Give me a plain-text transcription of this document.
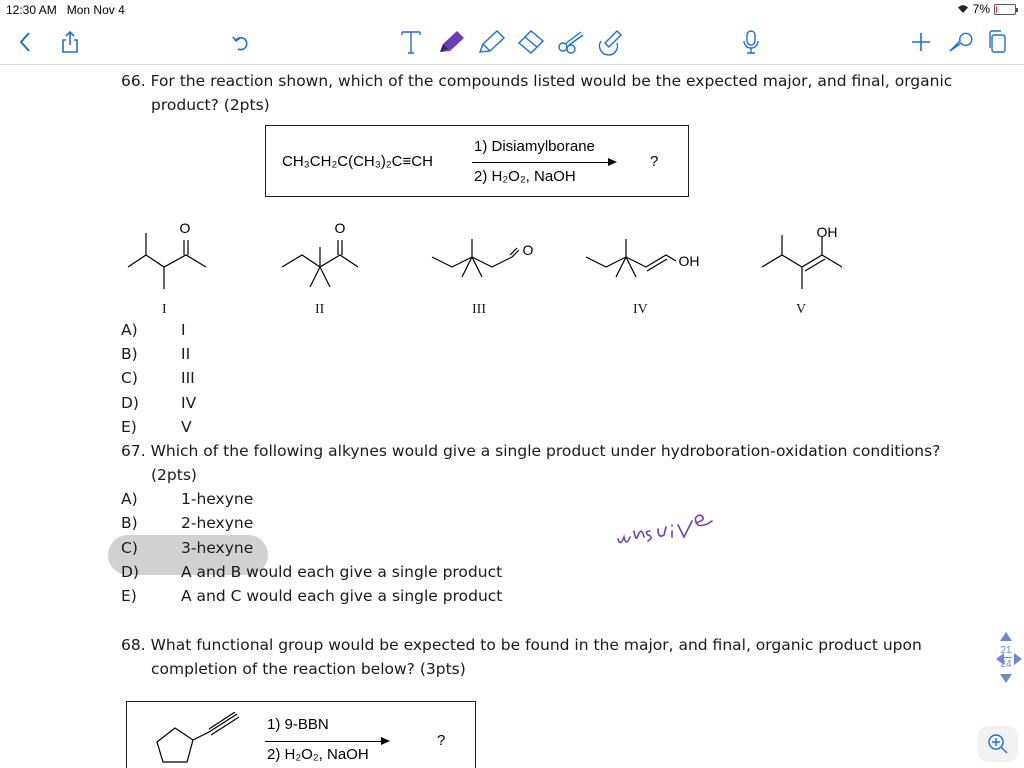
12:30 AM Mon Nov 4	7%
66. For the reaction shown, which of the compounds listed would be the expected major, and final, organic
product? (2pts)
CH₃CH₂C(CH₃)₂C≡CH
1) Disiamylborane
2) H₂O₂, NaOH
?
O	O
O
OH
OH
I	II	III	IV	V
A)	I
B)	II
C)	III
D)	IV
E)	V
67. Which of the following alkynes would give a single product under hydroboration-oxidation conditions?
(2pts)
A)	1-hexyne
B)	2-hexyne
C)	3-hexyne
D)	A and B would each give a single product
E)	A and C would each give a single product
68. What functional group would be expected to be found in the major, and final, organic product upon
completion of the reaction below? (3pts)
1) 9-BBN
2) H₂O₂, NaOH
?
21
24
